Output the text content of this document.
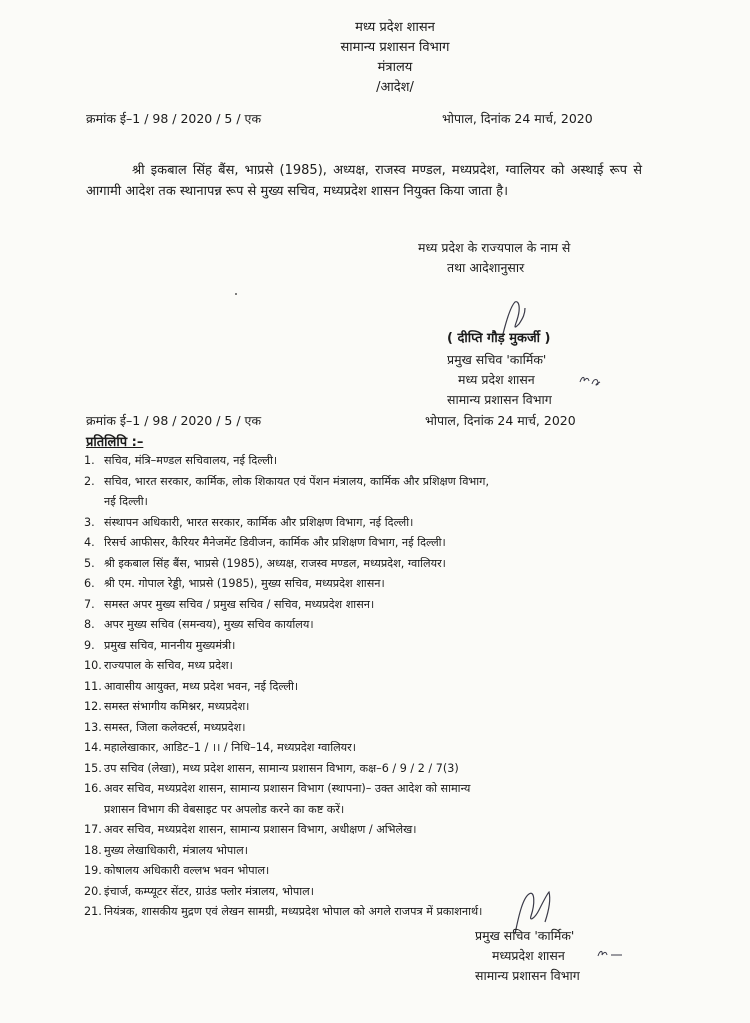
मध्य प्रदेश शासन
सामान्य प्रशासन विभाग
मंत्रालय
/आदेश/
क्रमांक ई–1 / 98 / 2020 / 5 / एक	भोपाल, दिनांक 24 मार्च, 2020
श्री इकबाल सिंह बैंस, भाप्रसे (1985), अध्यक्ष, राजस्व मण्डल, मध्यप्रदेश, ग्वालियर को अस्थाई रूप से आगामी आदेश तक स्थानापन्न रूप से मुख्य सचिव, मध्यप्रदेश शासन नियुक्त किया जाता है।
मध्य प्रदेश के राज्यपाल के नाम से
तथा आदेशानुसार
( दीप्ति गौड़ मुकर्जी )
प्रमुख सचिव 'कार्मिक'
मध्य प्रदेश शासन
सामान्य प्रशासन विभाग
क्रमांक ई–1 / 98 / 2020 / 5 / एक	भोपाल, दिनांक 24 मार्च, 2020
प्रतिलिपि :–
1. सचिव, मंत्रि–मण्डल सचिवालय, नई दिल्ली।
2. सचिव, भारत सरकार, कार्मिक, लोक शिकायत एवं पेंशन मंत्रालय, कार्मिक और प्रशिक्षण विभाग,
नई दिल्ली।
3. संस्थापन अधिकारी, भारत सरकार, कार्मिक और प्रशिक्षण विभाग, नई दिल्ली।
4. रिसर्च आफीसर, कैरियर मैनेजमेंट डिवीजन, कार्मिक और प्रशिक्षण विभाग, नई दिल्ली।
5. श्री इकबाल सिंह बैंस, भाप्रसे (1985), अध्यक्ष, राजस्व मण्डल, मध्यप्रदेश, ग्वालियर।
6. श्री एम. गोपाल रेड्डी, भाप्रसे (1985), मुख्य सचिव, मध्यप्रदेश शासन।
7. समस्त अपर मुख्य सचिव / प्रमुख सचिव / सचिव, मध्यप्रदेश शासन।
8. अपर मुख्य सचिव (समन्वय), मुख्य सचिव कार्यालय।
9. प्रमुख सचिव, माननीय मुख्यमंत्री।
10. राज्यपाल के सचिव, मध्य प्रदेश।
11. आवासीय आयुक्त, मध्य प्रदेश भवन, नई दिल्ली।
12. समस्त संभागीय कमिश्नर, मध्यप्रदेश।
13. समस्त, जिला कलेक्टर्स, मध्यप्रदेश।
14. महालेखाकार, आडिट–1 / ।। / निधि–14, मध्यप्रदेश ग्वालियर।
15. उप सचिव (लेखा), मध्य प्रदेश शासन, सामान्य प्रशासन विभाग, कक्ष–6 / 9 / 2 / 7(3)
16. अवर सचिव, मध्यप्रदेश शासन, सामान्य प्रशासन विभाग (स्थापना)– उक्त आदेश को सामान्य
प्रशासन विभाग की वेबसाइट पर अपलोड करने का कष्ट करें।
17. अवर सचिव, मध्यप्रदेश शासन, सामान्य प्रशासन विभाग, अधीक्षण / अभिलेख।
18. मुख्य लेखाधिकारी, मंत्रालय भोपाल।
19. कोषालय अधिकारी वल्लभ भवन भोपाल।
20. इंचार्ज, कम्प्यूटर सेंटर, ग्राउंड फ्लोर मंत्रालय, भोपाल।
21. नियंत्रक, शासकीय मुद्रण एवं लेखन सामग्री, मध्यप्रदेश भोपाल को अगले राजपत्र में प्रकाशनार्थ।
प्रमुख सचिव 'कार्मिक'
मध्यप्रदेश शासन
सामान्य प्रशासन विभाग
